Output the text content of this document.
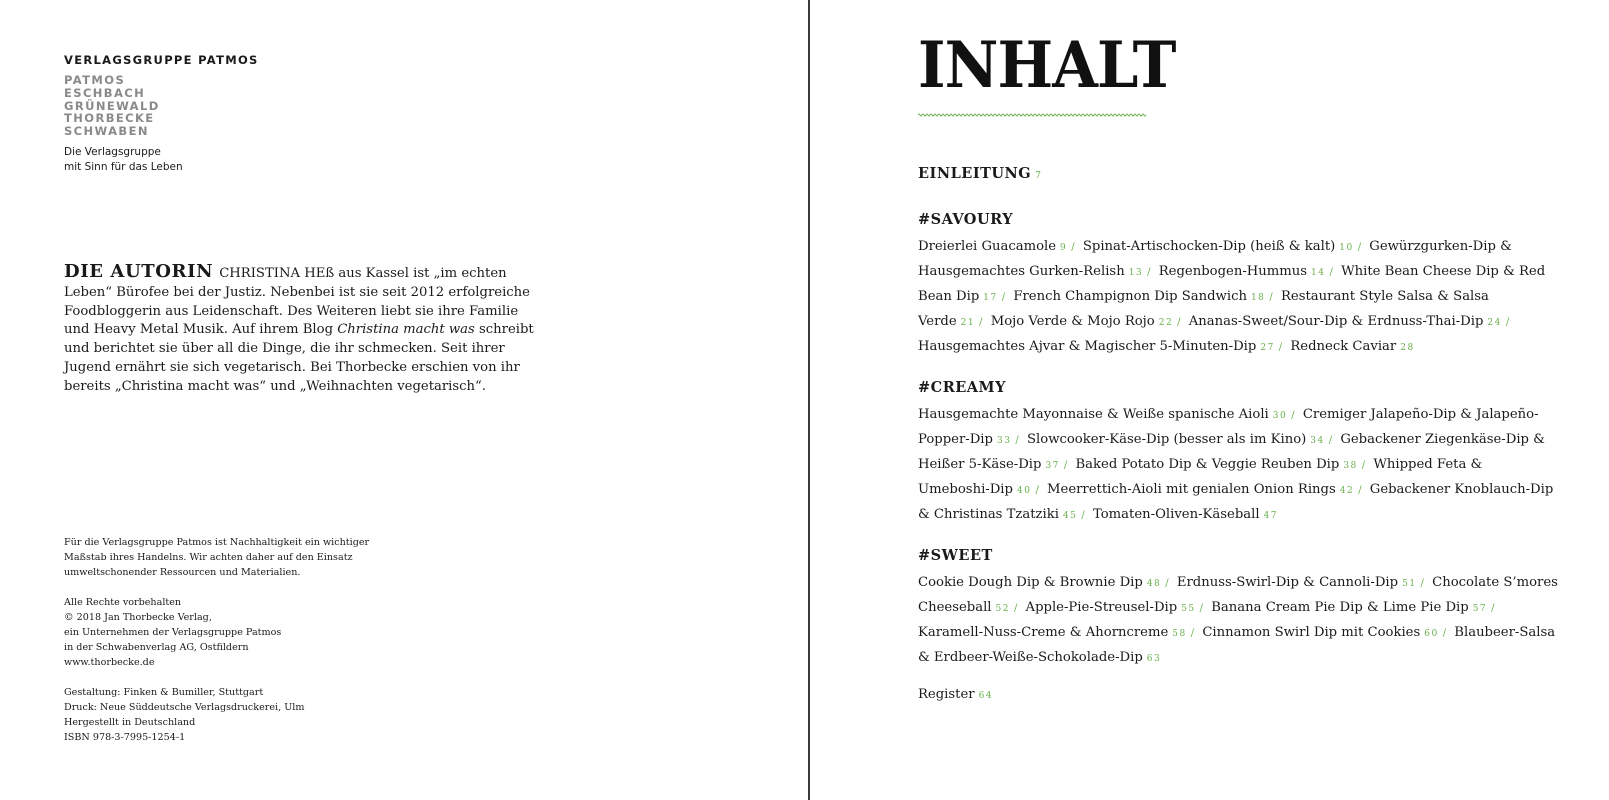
VERLAGSGRUPPE PATMOS
PATMOS
ESCHBACH
GRÜNEWALD
THORBECKE
SCHWABEN
Die Verlagsgruppe
mit Sinn für das Leben
DIE AUTORIN CHRISTINA HEß aus Kassel ist „im echten Leben“ Bürofee bei der Justiz. Nebenbei ist sie seit 2012 erfolgreiche Foodbloggerin aus Leidenschaft. Des Weiteren liebt sie ihre Familie und Heavy Metal Musik. Auf ihrem Blog Christina macht was schreibt und berichtet sie über all die Dinge, die ihr schmecken. Seit ihrer Jugend ernährt sie sich vegetarisch. Bei Thorbecke erschien von ihr bereits „Christina macht was“ und „Weihnachten vegetarisch“.
Für die Verlagsgruppe Patmos ist Nachhaltigkeit ein wichtiger
Maßstab ihres Handelns. Wir achten daher auf den Einsatz
umweltschonender Ressourcen und Materialien.
Alle Rechte vorbehalten
© 2018 Jan Thorbecke Verlag,
ein Unternehmen der Verlagsgruppe Patmos
in der Schwabenverlag AG, Ostfildern
www.thorbecke.de
Gestaltung: Finken & Bumiller, Stuttgart
Druck: Neue Süddeutsche Verlagsdruckerei, Ulm
Hergestellt in Deutschland
ISBN 978-3-7995-1254-1
INHALT
EINLEITUNG 7
#SAVOURY
Dreierlei Guacamole 9 / Spinat-Artischocken-Dip (heiß & kalt) 10 / Gewürzgurken-Dip & Hausgemachtes Gurken-Relish 13 / Regenbogen-Hummus 14 / White Bean Cheese Dip & Red Bean Dip 17 / French Champignon Dip Sandwich 18 / Restaurant Style Salsa & Salsa Verde 21 / Mojo Verde & Mojo Rojo 22 / Ananas-Sweet/Sour-Dip & Erdnuss-Thai-Dip 24 / Hausgemachtes Ajvar & Magischer 5-Minuten-Dip 27 / Redneck Caviar 28
#CREAMY
Hausgemachte Mayonnaise & Weiße spanische Aioli 30 / Cremiger Jalapeño-Dip & Jalapeño-Popper-Dip 33 / Slowcooker-Käse-Dip (besser als im Kino) 34 / Gebackener Ziegenkäse-Dip & Heißer 5-Käse-Dip 37 / Baked Potato Dip & Veggie Reuben Dip 38 / Whipped Feta & Umeboshi-Dip 40 / Meerrettich-Aioli mit genialen Onion Rings 42 / Gebackener Knoblauch-Dip & Christinas Tzatziki 45 / Tomaten-Oliven-Käseball 47
#SWEET
Cookie Dough Dip & Brownie Dip 48 / Erdnuss-Swirl-Dip & Cannoli-Dip 51 / Chocolate S’mores Cheeseball 52 / Apple-Pie-Streusel-Dip 55 / Banana Cream Pie Dip & Lime Pie Dip 57 / Karamell-Nuss-Creme & Ahorncreme 58 / Cinnamon Swirl Dip mit Cookies 60 / Blaubeer-Salsa & Erdbeer-Weiße-Schokolade-Dip 63
Register 64
